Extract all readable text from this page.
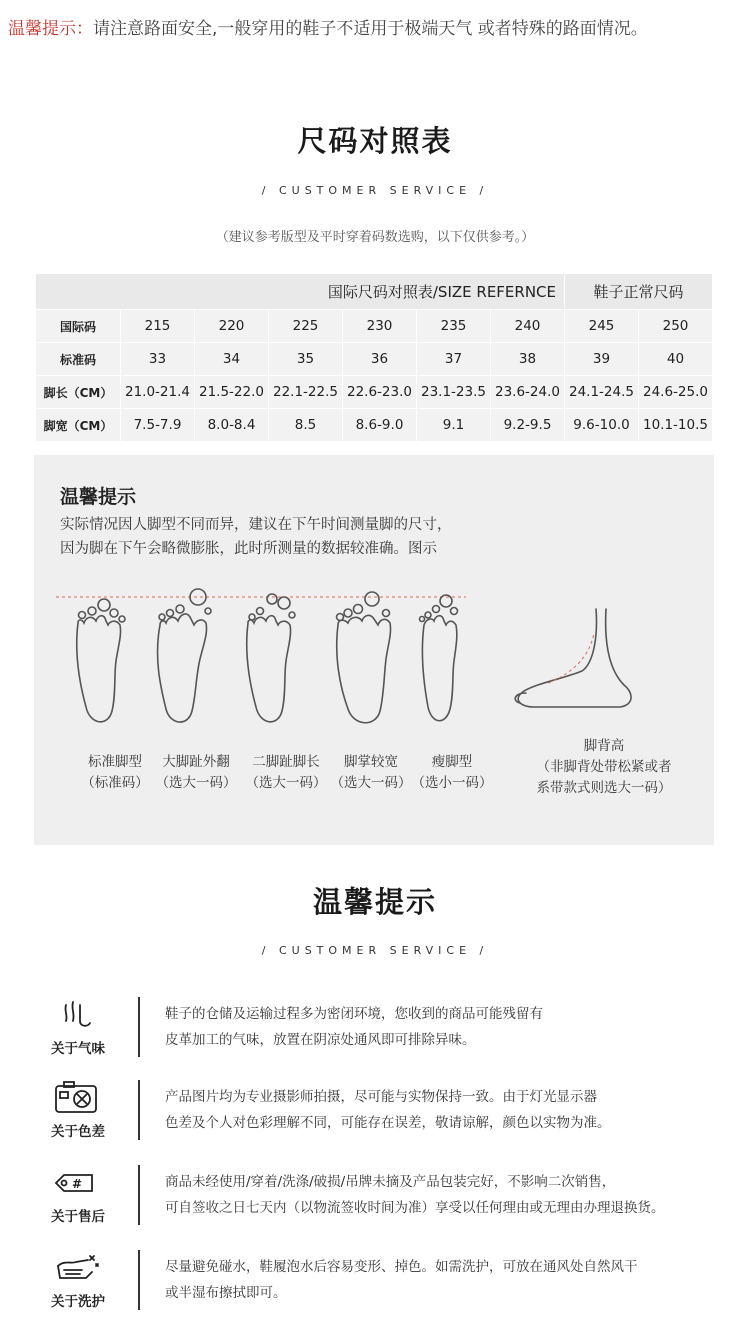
温馨提示：请注意路面安全,一般穿用的鞋子不适用于极端天气 或者特殊的路面情况。
尺码对照表
/ CUSTOMER SERVICE /
（建议参考版型及平时穿着码数选购，以下仅供参考。）
国际尺码对照表/SIZE REFERNCE							鞋子正常尺码	
国际码	215	220	225	230	235	240	245	250
标准码	33	34	35	36	37	38	39	40
脚长（CM）	21.0-21.4	21.5-22.0	22.1-22.5	22.6-23.0	23.1-23.5	23.6-24.0	24.1-24.5	24.6-25.0
脚宽（CM）	7.5-7.9	8.0-8.4	8.5	8.6-9.0	9.1	9.2-9.5	9.6-10.0	10.1-10.5
温馨提示
实际情况因人脚型不同而异，建议在下午时间测量脚的尺寸，
因为脚在下午会略微膨胀，此时所测量的数据较准确。图示
标准脚型
（标准码）
大脚趾外翻
（选大一码）
二脚趾脚长
（选大一码）
脚掌较宽
（选大一码）
瘦脚型
（选小一码）
脚背高
（非脚背处带松紧或者
系带款式则选大一码）
温馨提示
/ CUSTOMER SERVICE /
关于气味
鞋子的仓储及运输过程多为密闭环境，您收到的商品可能残留有
皮革加工的气味，放置在阴凉处通风即可排除异味。
关于色差
产品图片均为专业摄影师拍摄，尽可能与实物保持一致。由于灯光显示器
色差及个人对色彩理解不同，可能存在误差，敬请谅解，颜色以实物为准。
#
关于售后
商品未经使用/穿着/洗涤/破损/吊牌未摘及产品包装完好，不影响二次销售，
可自签收之日七天内（以物流签收时间为准）享受以任何理由或无理由办理退换货。
关于洗护
尽量避免碰水，鞋履泡水后容易变形、掉色。如需洗护，可放在通风处自然风干
或半湿布擦拭即可。
